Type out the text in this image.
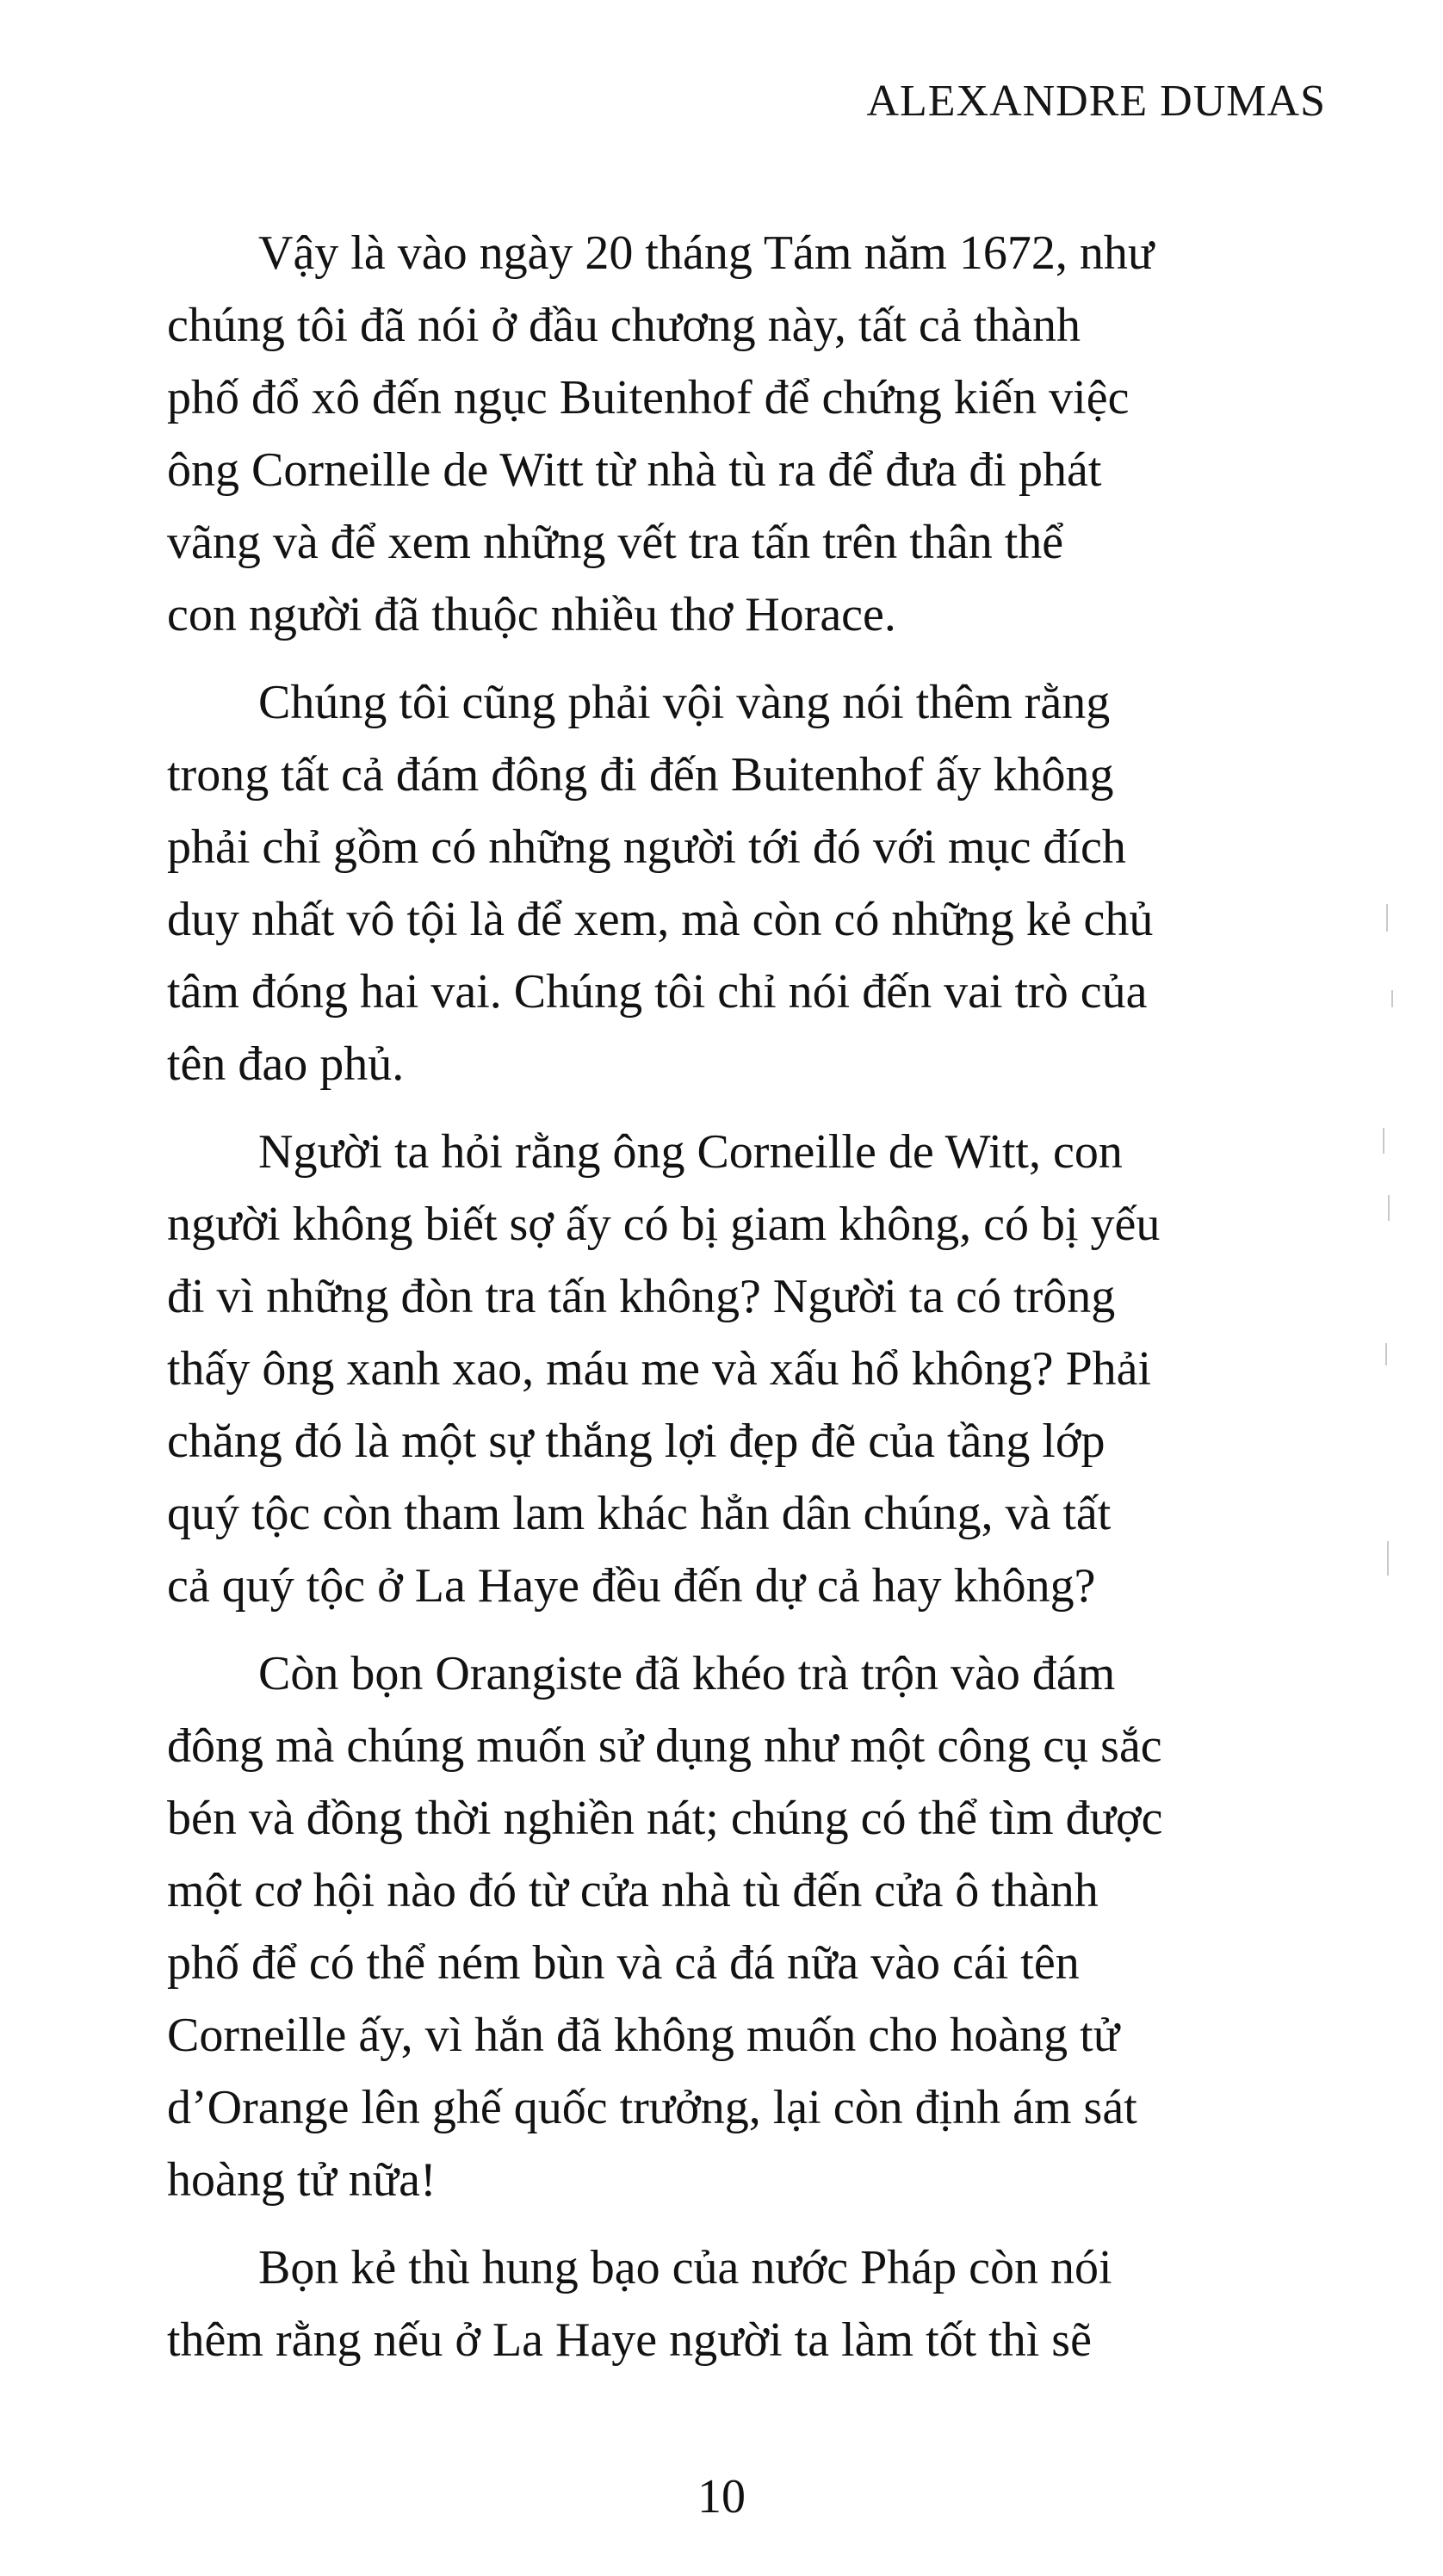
ALEXANDRE DUMAS
Vậy là vào ngày 20 tháng Tám năm 1672, như
chúng tôi đã nói ở đầu chương này, tất cả thành
phố đổ xô đến ngục Buitenhof để chứng kiến việc
ông Corneille de Witt từ nhà tù ra để đưa đi phát
vãng và để xem những vết tra tấn trên thân thể
con người đã thuộc nhiều thơ Horace.
Chúng tôi cũng phải vội vàng nói thêm rằng
trong tất cả đám đông đi đến Buitenhof ấy không
phải chỉ gồm có những người tới đó với mục đích
duy nhất vô tội là để xem, mà còn có những kẻ chủ
tâm đóng hai vai. Chúng tôi chỉ nói đến vai trò của
tên đao phủ.
Người ta hỏi rằng ông Corneille de Witt, con
người không biết sợ ấy có bị giam không, có bị yếu
đi vì những đòn tra tấn không? Người ta có trông
thấy ông xanh xao, máu me và xấu hổ không? Phải
chăng đó là một sự thắng lợi đẹp đẽ của tầng lớp
quý tộc còn tham lam khác hẳn dân chúng, và tất
cả quý tộc ở La Haye đều đến dự cả hay không?
Còn bọn Orangiste đã khéo trà trộn vào đám
đông mà chúng muốn sử dụng như một công cụ sắc
bén và đồng thời nghiền nát; chúng có thể tìm được
một cơ hội nào đó từ cửa nhà tù đến cửa ô thành
phố để có thể ném bùn và cả đá nữa vào cái tên
Corneille ấy, vì hắn đã không muốn cho hoàng tử
d’Orange lên ghế quốc trưởng, lại còn định ám sát
hoàng tử nữa!
Bọn kẻ thù hung bạo của nước Pháp còn nói
thêm rằng nếu ở La Haye người ta làm tốt thì sẽ
10
